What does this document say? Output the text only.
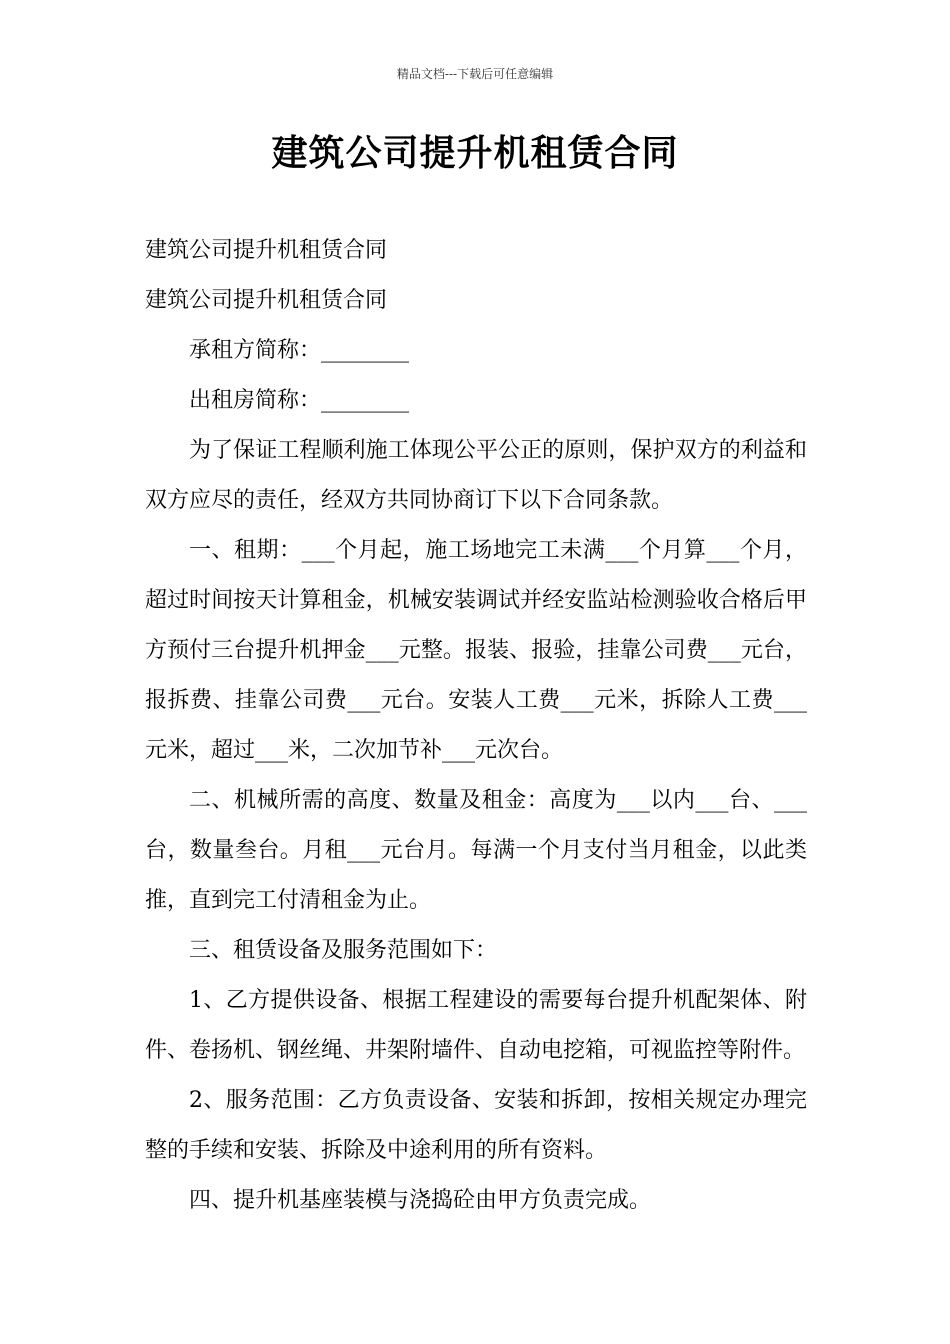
精品文档---下载后可任意编辑
建筑公司提升机租赁合同

建筑公司提升机租赁合同

建筑公司提升机租赁合同

承租方简称：________

出租房简称：________

为了保证工程顺利施工体现公平公正的原则，保护双方的利益和双方应尽的责任，经双方共同协商订下以下合同条款。

一、租期：___个月起，施工场地完工未满___个月算___个月，超过时间按天计算租金，机械安装调试并经安监站检测验收合格后甲方预付三台提升机押金___元整。报装、报验，挂靠公司费___元台，报拆费、挂靠公司费___元台。安装人工费___元米，拆除人工费___元米，超过___米，二次加节补___元次台。

二、机械所需的高度、数量及租金：高度为___以内___台、___台，数量叁台。月租___元台月。每满一个月支付当月租金，以此类推，直到完工付清租金为止。

三、租赁设备及服务范围如下：

1、乙方提供设备、根据工程建设的需要每台提升机配架体、附件、卷扬机、钢丝绳、井架附墙件、自动电挖箱，可视监控等附件。

2、服务范围：乙方负责设备、安装和拆卸，按相关规定办理完整的手续和安装、拆除及中途利用的所有资料。

四、提升机基座装模与浇捣砼由甲方负责完成。
